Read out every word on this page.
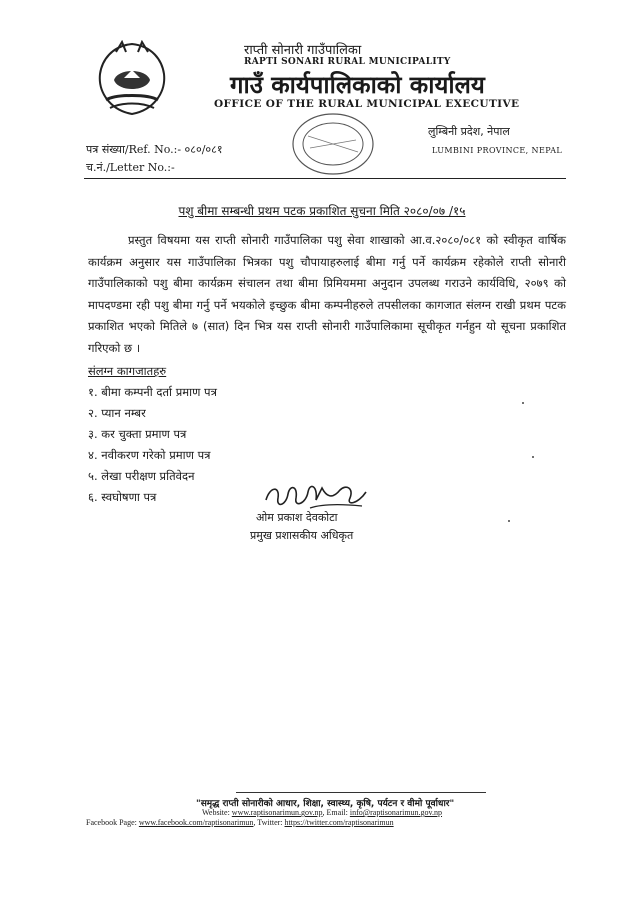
राप्ती सोनारी गाउँपालिका
RAPTI SONARI RURAL MUNICIPALITY
गाउँ कार्यपालिकाको कार्यालय
OFFICE OF THE RURAL MUNICIPAL EXECUTIVE
पत्र संख्या/Ref. No.:- ०८०/०८१
च.नं./Letter No.:-
लुम्बिनी प्रदेश, नेपाल
LUMBINI PROVINCE, NEPAL
पशु बीमा सम्बन्धी प्रथम पटक प्रकाशित सुचना मिति २०८०/०७ /१५
प्रस्तुत विषयमा यस राप्ती सोनारी गाउँपालिका पशु सेवा शाखाको आ.व.२०८०/०८१ को स्वीकृत वार्षिक कार्यक्रम अनुसार यस गाउँपालिका भित्रका पशु चौपायाहरुलाई बीमा गर्नु पर्ने कार्यक्रम रहेकोले राप्ती सोनारी गाउँपालिकाको पशु बीमा कार्यक्रम संचालन तथा बीमा प्रिमियममा अनुदान उपलब्ध गराउने कार्यविधि, २०७९ को मापदण्डमा रही पशु बीमा गर्नु पर्ने भयकोले इच्छुक बीमा कम्पनीहरुले तपसीलका कागजात संलग्न राखी प्रथम पटक प्रकाशित भएको मितिले ७ (सात) दिन भित्र यस राप्ती सोनारी गाउँपालिकामा सूचीकृत गर्नहुन यो सूचना प्रकाशित गरिएको छ ।
संलग्न कागजातहरु
१. बीमा कम्पनी दर्ता प्रमाण पत्र
२. प्यान नम्बर
३. कर चुक्ता प्रमाण पत्र
४. नवीकरण गरेको प्रमाण पत्र
५. लेखा परीक्षण प्रतिवेदन
६. स्वघोषणा पत्र
ओम प्रकाश देवकोटा
प्रमुख प्रशासकीय अधिकृत
"समृद्ध राप्ती सोनारीको आधार, शिक्षा, स्वास्थ्य, कृषि, पर्यटन र वीमो पूर्वाधार"
Website: www.raptisonarimun.gov.np, Email: info@raptisonarimun.gov.np
Facebook Page: www.facebook.com/raptisonarimun, Twitter: https://twitter.com/raptisonarimun
